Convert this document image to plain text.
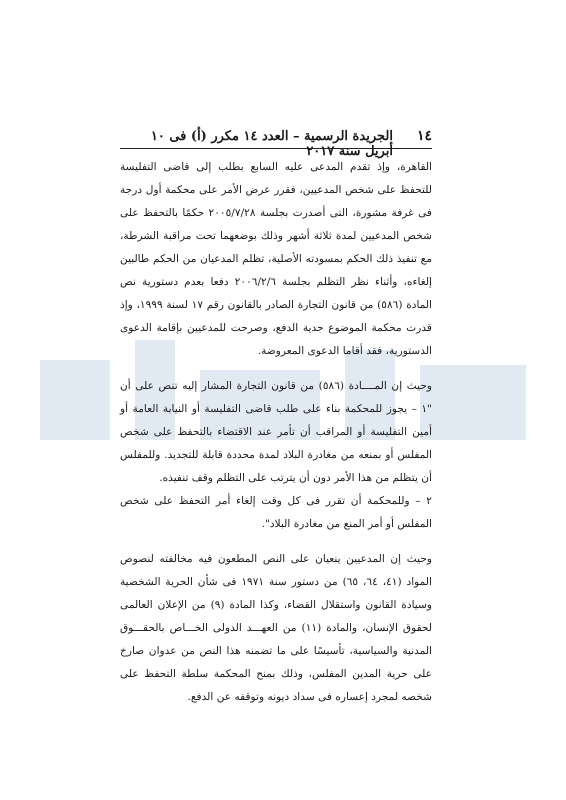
١٤
الجريدة الرسمية – العدد ١٤ مكرر (أ) فى ١٠ أبريل سنة ٢٠١٧

القاهرة، وإذ تقدم المدعى عليه السابع بطلب إلى قاضى التفليسة للتحفظ على شخص المدعيين، فقرر عرض الأمر على محكمة أول درجة فى غرفة مشورة، التى أصدرت بجلسة ٢٠٠٥/٧/٢٨ حكمًا بالتحفظ على شخص المدعيين لمدة ثلاثة أشهر وذلك بوضعهما تحت مراقبة الشرطة، مع تنفيذ ذلك الحكم بمسودته الأصلية، تظلم المدعيان من الحكم طالبين إلغاءه، وأثناء نظر التظلم بجلسة ٢٠٠٦/٢/٦ دفعا بعدم دستورية نص المادة (٥٨٦) من قانون التجارة الصادر بالقانون رقم ١٧ لسنة ١٩٩٩، وإذ قدرت محكمة الموضوع جدية الدفع، وصرحت للمدعيين بإقامة الدعوى الدستورية، فقد أقاما الدعوى المعروضة.

وحيث إن المــــادة (٥٨٦) من قانون التجارة المشار إليه تنص على أن "١ – يجوز للمحكمة بناء على طلب قاضى التفليسة أو النيابة العامة أو أمين التفليسة أو المراقب أن تأمر عند الاقتضاء بالتحفظ على شخص المفلس أو بمنعه من مغادرة البلاد لمدة محددة قابلة للتجديد. وللمفلس أن يتظلم من هذا الأمر دون أن يترتب على التظلم وقف تنفيذه.

٢ – وللمحكمة أن تقرر فى كل وقت إلغاء أمر التحفظ على شخص المفلس أو أمر المنع من مغادرة البلاد".

وحيث إن المدعيين ينعيان على النص المطعون فيه مخالفته لنصوص المواد (٤١، ٦٤، ٦٥) من دستور سنة ١٩٧١ فى شأن الحرية الشخصية وسيادة القانون واستقلال القضاء، وكذا المادة (٩) من الإعلان العالمى لحقوق الإنسان، والمادة (١١) من العهـــد الدولى الخـــاص بالحقـــوق المدنية والسياسية، تأسيسًا على ما تضمنه هذا النص من عدوان صارخ على حرية المدين المفلس، وذلك بمنح المحكمة سلطة التحفظ على شخصه لمجرد إعساره فى سداد ديونه وتوقفه عن الدفع.
